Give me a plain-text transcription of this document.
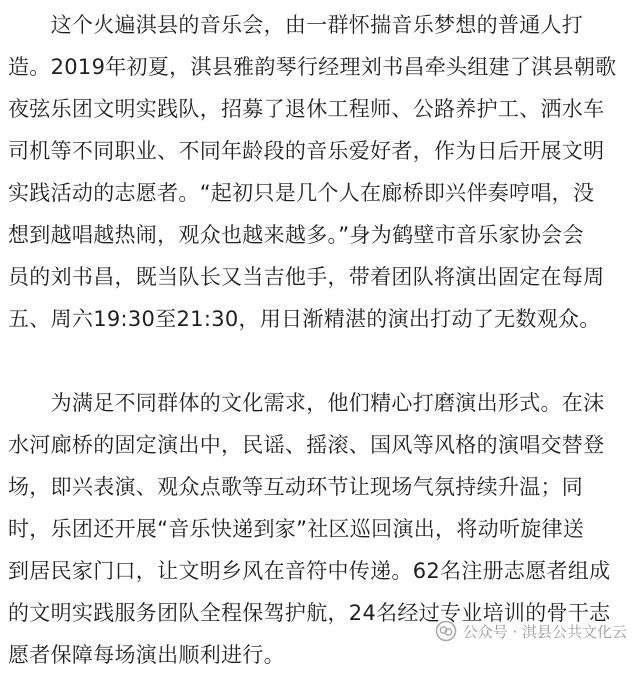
　　这个火遍淇县的音乐会，由一群怀揣音乐梦想的普通人打
造。2019年初夏，淇县雅韵琴行经理刘书昌牵头组建了淇县朝歌
夜弦乐团文明实践队，招募了退休工程师、公路养护工、洒水车
司机等不同职业、不同年龄段的音乐爱好者，作为日后开展文明
实践活动的志愿者。“起初只是几个人在廊桥即兴伴奏哼唱，没
想到越唱越热闹，观众也越来越多。”身为鹤壁市音乐家协会会
员的刘书昌，既当队长又当吉他手，带着团队将演出固定在每周
五、周六19:30至21:30，用日渐精湛的演出打动了无数观众。
　　为满足不同群体的文化需求，他们精心打磨演出形式。在沫
水河廊桥的固定演出中，民谣、摇滚、国风等风格的演唱交替登
场，即兴表演、观众点歌等互动环节让现场气氛持续升温；同
时，乐团还开展“音乐快递到家”社区巡回演出，将动听旋律送
到居民家门口，让文明乡风在音符中传递。62名注册志愿者组成
的文明实践服务团队全程保驾护航，24名经过专业培训的骨干志
愿者保障每场演出顺利进行。
公众号 · 淇县公共文化云
